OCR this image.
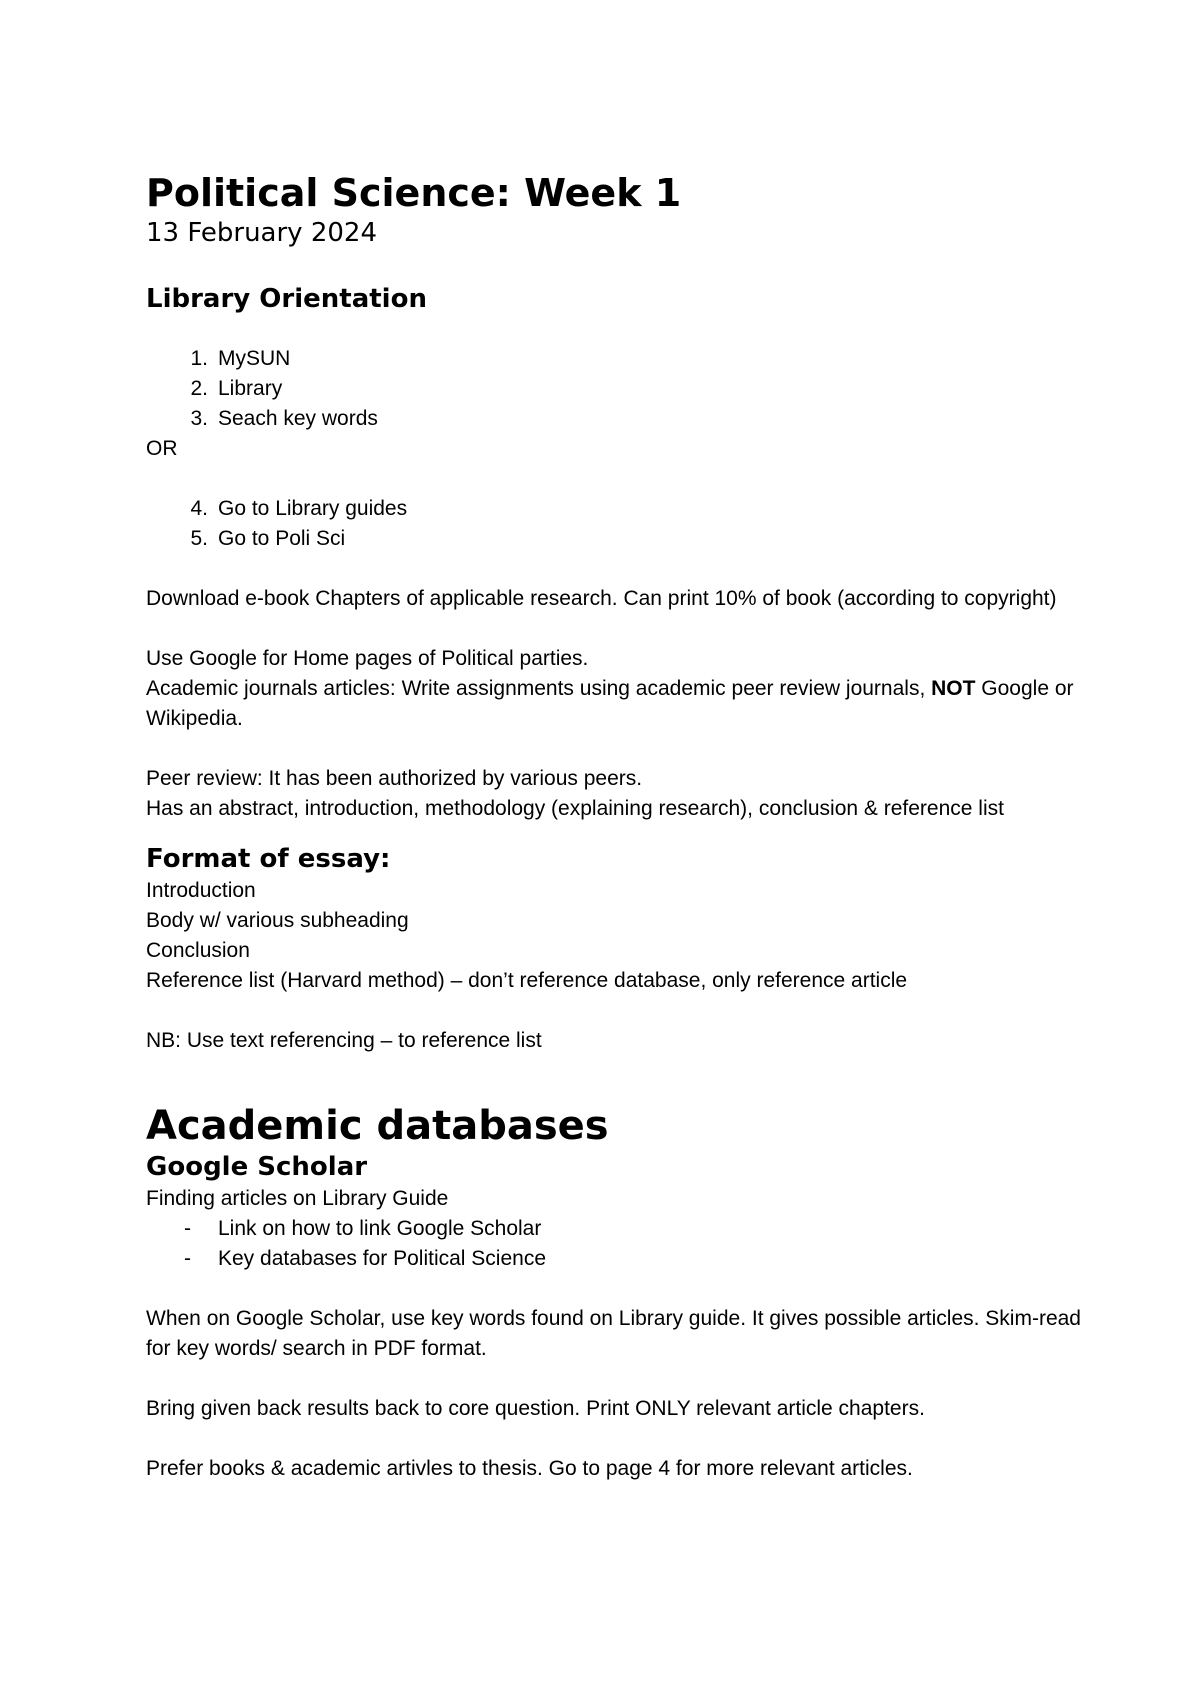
Political Science: Week 1

13 February 2024

Library Orientation
1. MySUN
2. Library
3. Seach key words

OR

4. Go to Library guides
5. Go to Poli Sci

Download e-book Chapters of applicable research. Can print 10% of book (according to copyright)

Use Google for Home pages of Political parties.

Academic journals articles: Write assignments using academic peer review journals, NOT Google or Wikipedia.

Peer review: It has been authorized by various peers.

Has an abstract, introduction, methodology (explaining research), conclusion & reference list

Format of essay:

Introduction

Body w/ various subheading

Conclusion

Reference list (Harvard method) – don’t reference database, only reference article

NB: Use text referencing – to reference list

Academic databases
Google Scholar

Finding articles on Library Guide

-	Link on how to link Google Scholar
-	Key databases for Political Science

When on Google Scholar, use key words found on Library guide. It gives possible articles. Skim-read for key words/ search in PDF format.

Bring given back results back to core question. Print ONLY relevant article chapters.

Prefer books & academic artivles to thesis. Go to page 4 for more relevant articles.
